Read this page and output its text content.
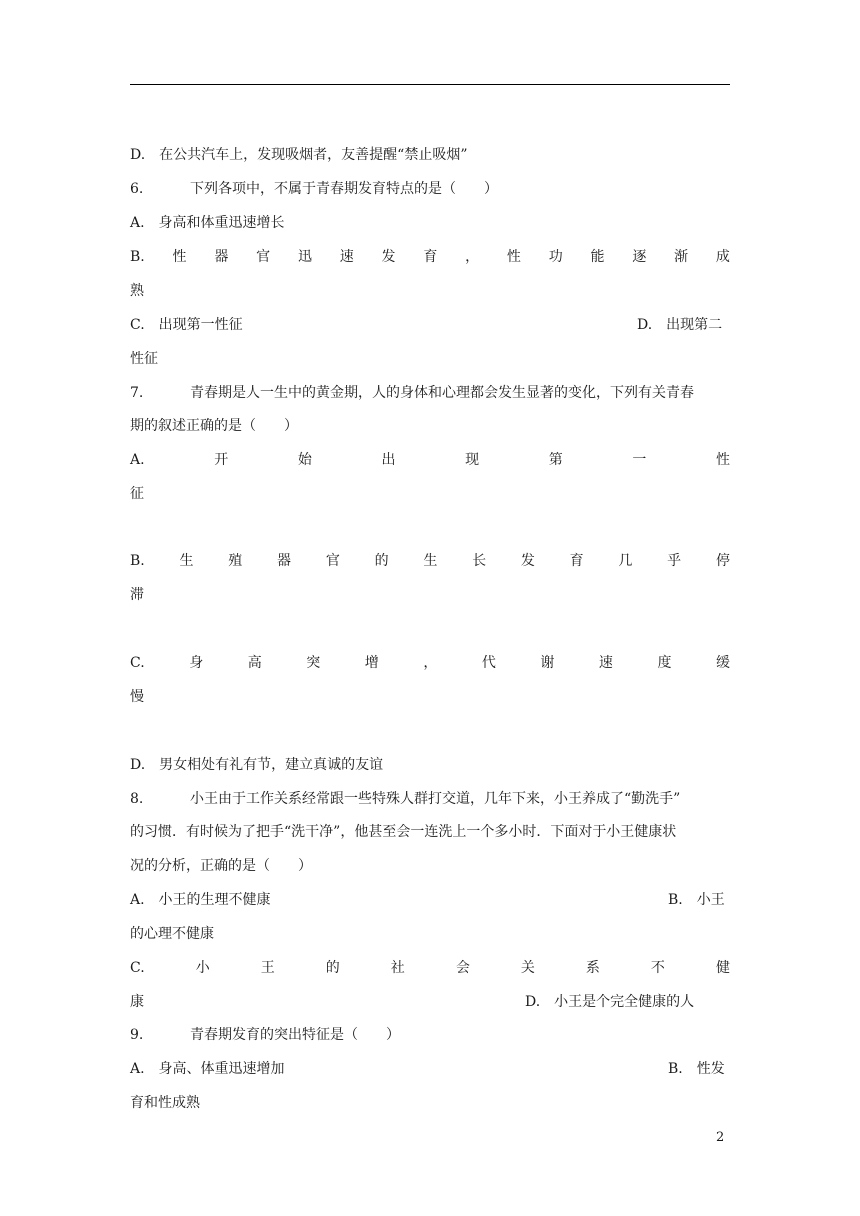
D.　在公共汽车上，发现吸烟者，友善提醒“禁止吸烟”
6.	下列各项中，不属于青春期发育特点的是（　　）
A.　身高和体重迅速增长
B. 性 器 官 迅 速 发 育 ， 性 功 能 逐 渐 成
熟
C.　出现第一性征	D.　出现第二
性征
7.	青春期是人一生中的黄金期，人的身体和心理都会发生显著的变化，下列有关青春
期的叙述正确的是（　　）
A.	开	始	出	现	第	一	性
征
B. 生 殖 器 官 的 生 长 发 育 几 乎 停
滞
C.	身	高	突	增	，	代	谢	速	度	缓
慢
D.　男女相处有礼有节，建立真诚的友谊
8.	小王由于工作关系经常跟一些特殊人群打交道，几年下来，小王养成了“勤洗手”
的习惯．有时候为了把手“洗干净”，他甚至会一连洗上一个多小时．下面对于小王健康状
况的分析，正确的是（　　）
A.　小王的生理不健康	B.　小王
的心理不健康
C.	小	王	的	社	会	关	系	不	健
康	D.　小王是个完全健康的人
9.	青春期发育的突出特征是（　　）
A.　身高、体重迅速增加	B.　性发
育和性成熟
2
